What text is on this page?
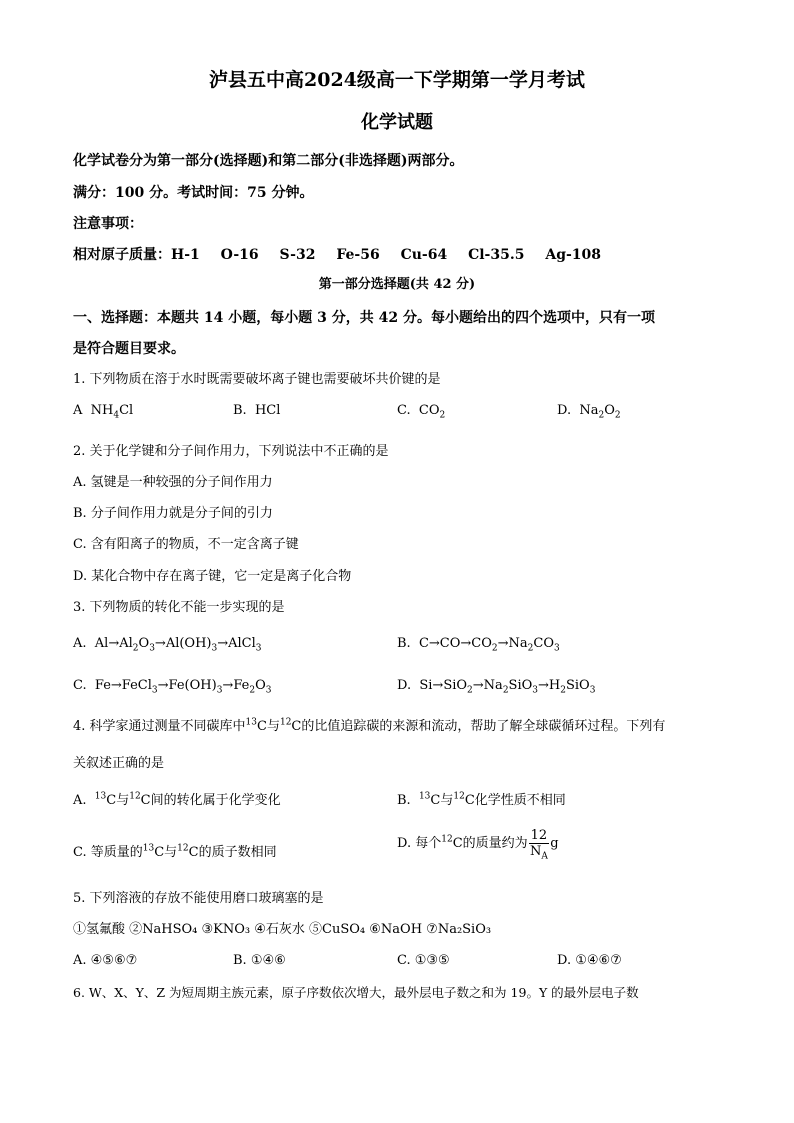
泸县五中高2024级高一下学期第一学月考试
化学试题
化学试卷分为第一部分(选择题)和第二部分(非选择题)两部分。
满分：100 分。考试时间：75 分钟。
注意事项：
相对原子质量：H-1 O-16 S-32 Fe-56 Cu-64 Cl-35.5 Ag-108
第一部分选择题(共 42 分)
一、选择题：本题共 14 小题，每小题 3 分，共 42 分。每小题给出的四个选项中，只有一项
是符合题目要求。
1. 下列物质在溶于水时既需要破坏离子键也需要破坏共价键的是
A  $NH_4Cl$	B.  HCl	C.  $CO_2$	D.  $Na_2O_2$
2. 关于化学键和分子间作用力，下列说法中不正确的是
A. 氢键是一种较强的分子间作用力
B. 分子间作用力就是分子间的引力
C. 含有阳离子的物质，不一定含离子键
D. 某化合物中存在离子键，它一定是离子化合物
3. 下列物质的转化不能一步实现的是
A.  $Al\to Al_2O_3\to Al(OH)_3\to AlCl_3$	B.  $C\to CO\to CO_2\to Na_2CO_3$
C.  $Fe\to FeCl_3\to Fe(OH)_3\to Fe_2O_3$	D.  $Si\to SiO_2\to Na_2SiO_3\to H_2SiO_3$
4. 科学家通过测量不同碳库中$^{13}$C与$^{12}$C的比值追踪碳的来源和流动，帮助了解全球碳循环过程。下列有
关叙述正确的是
A. $^{13}$C与$^{12}$C间的转化属于化学变化	B. $^{13}$C与$^{12}$C化学性质不相同
C. 等质量的$^{13}$C与$^{12}$C的质子数相同
D. 每个$^{12}$C的质量约为 $\frac{12}{N_A}$ g
5. 下列溶液的存放不能使用磨口玻璃塞的是
①氢氟酸 ②NaHSO₄ ③KNO₃ ④石灰水 ⑤CuSO₄ ⑥NaOH ⑦Na₂SiO₃
A. ④⑤⑥⑦	B. ①④⑥	C. ①③⑤	D. ①④⑥⑦
6. W、X、Y、Z 为短周期主族元素，原子序数依次增大，最外层电子数之和为 19。Y 的最外层电子数
